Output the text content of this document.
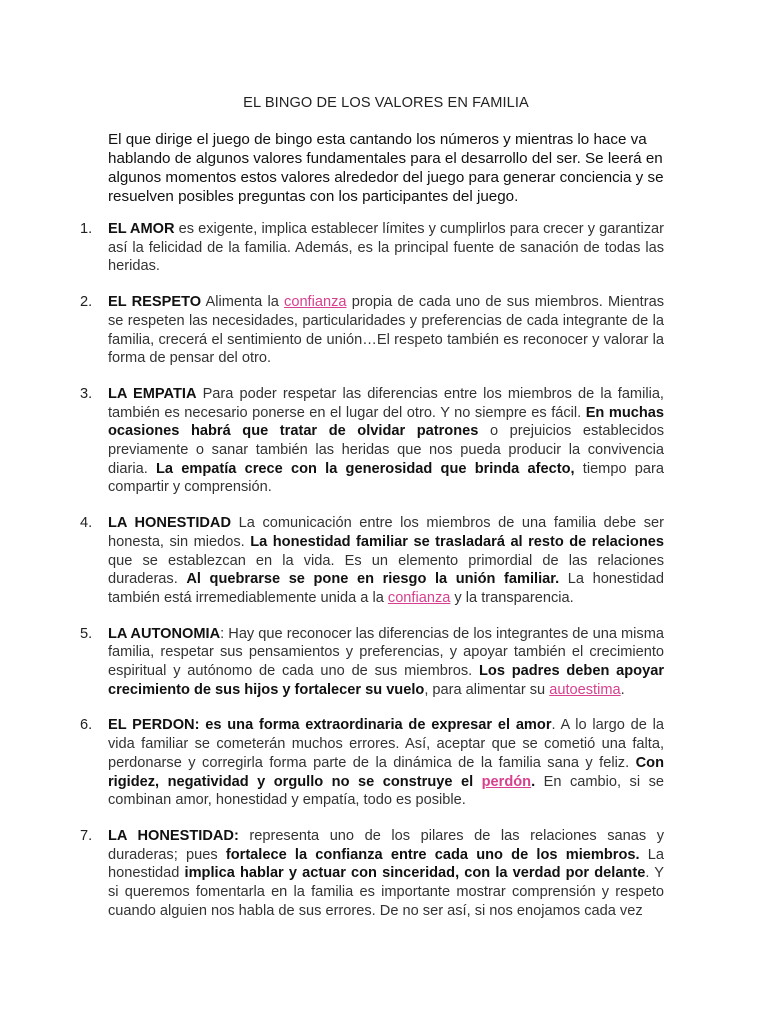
EL BINGO DE LOS VALORES EN FAMILIA

El que dirige el juego de bingo esta cantando los números y mientras lo hace va hablando de algunos valores fundamentales para el desarrollo del ser. Se leerá en algunos momentos estos valores alrededor del juego para generar conciencia y se resuelven posibles preguntas con los participantes del juego.

1. EL AMOR es exigente, implica establecer límites y cumplirlos para crecer y garantizar así la felicidad de la familia. Además, es la principal fuente de sanación de todas las heridas.
2. EL RESPETO Alimenta la confianza propia de cada uno de sus miembros. Mientras se respeten las necesidades, particularidades y preferencias de cada integrante de la familia, crecerá el sentimiento de unión…El respeto también es reconocer y valorar la forma de pensar del otro.
3. LA EMPATIA Para poder respetar las diferencias entre los miembros de la familia, también es necesario ponerse en el lugar del otro. Y no siempre es fácil. En muchas ocasiones habrá que tratar de olvidar patrones o prejuicios establecidos previamente o sanar también las heridas que nos pueda producir la convivencia diaria. La empatía crece con la generosidad que brinda afecto, tiempo para compartir y comprensión.
4. LA HONESTIDAD La comunicación entre los miembros de una familia debe ser honesta, sin miedos. La honestidad familiar se trasladará al resto de relaciones que se establezcan en la vida. Es un elemento primordial de las relaciones duraderas. Al quebrarse se pone en riesgo la unión familiar. La honestidad también está irremediablemente unida a la confianza y la transparencia.
5. LA AUTONOMIA: Hay que reconocer las diferencias de los integrantes de una misma familia, respetar sus pensamientos y preferencias, y apoyar también el crecimiento espiritual y autónomo de cada uno de sus miembros. Los padres deben apoyar crecimiento de sus hijos y fortalecer su vuelo, para alimentar su autoestima.
6. EL PERDON: es una forma extraordinaria de expresar el amor. A lo largo de la vida familiar se cometerán muchos errores. Así, aceptar que se cometió una falta, perdonarse y corregirla forma parte de la dinámica de la familia sana y feliz. Con rigidez, negatividad y orgullo no se construye el perdón. En cambio, si se combinan amor, honestidad y empatía, todo es posible.
7. LA HONESTIDAD: representa uno de los pilares de las relaciones sanas y duraderas; pues fortalece la confianza entre cada uno de los miembros. La honestidad implica hablar y actuar con sinceridad, con la verdad por delante. Y si queremos fomentarla en la familia es importante mostrar comprensión y respeto cuando alguien nos habla de sus errores. De no ser así, si nos enojamos cada vez
